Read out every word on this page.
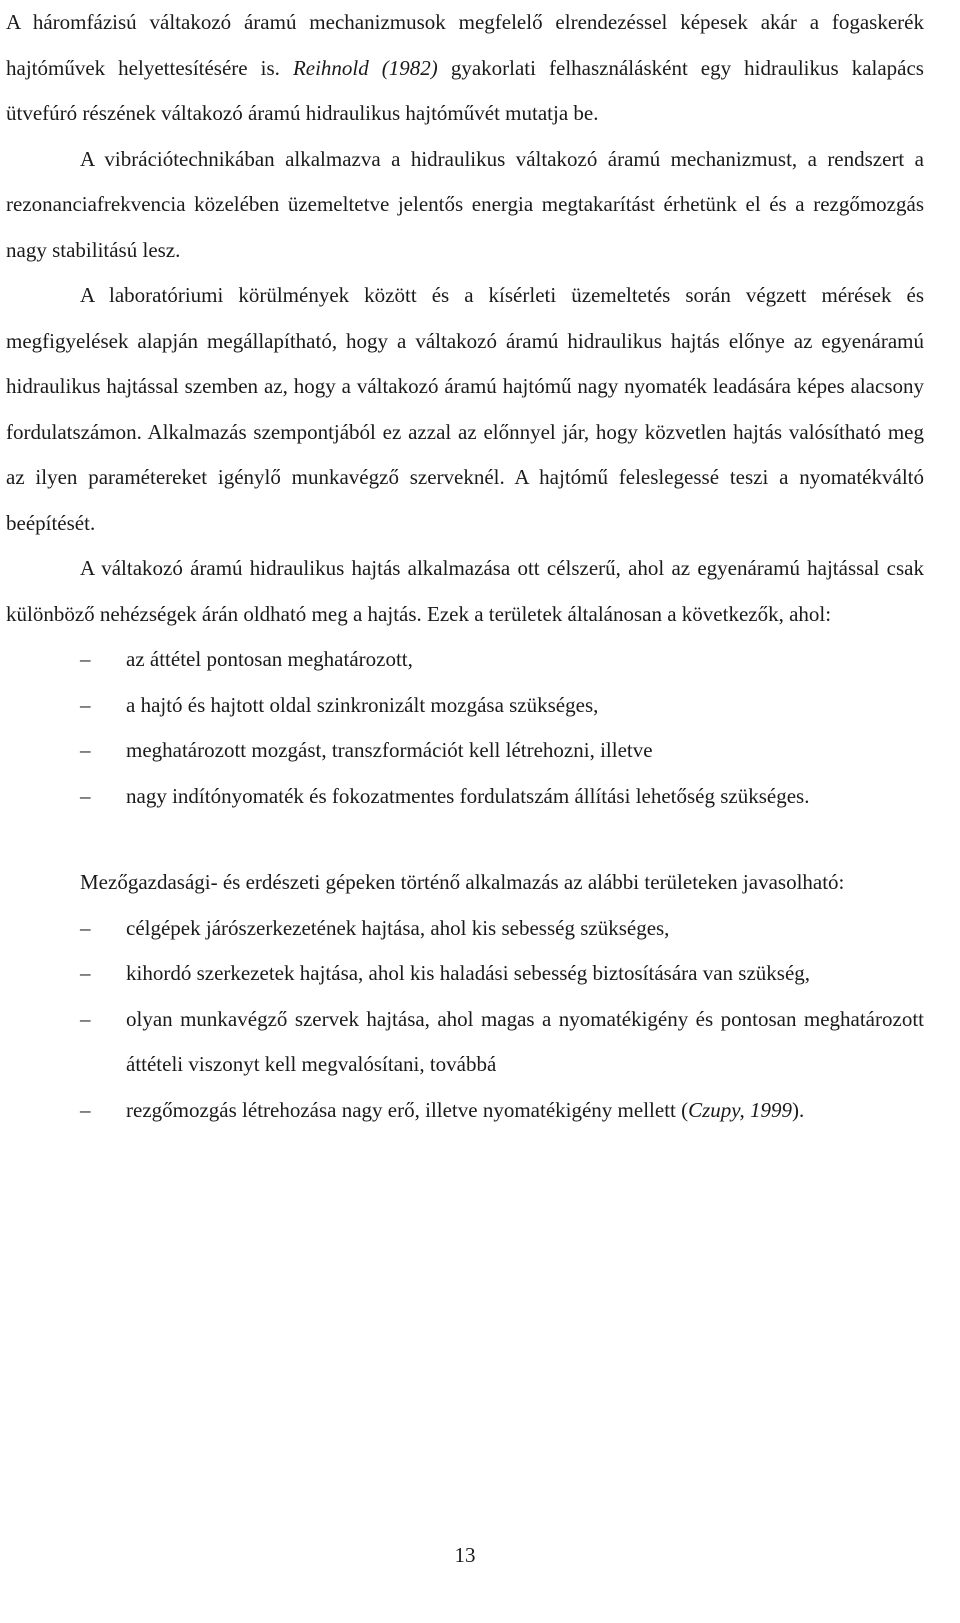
A háromfázisú váltakozó áramú mechanizmusok megfelelő elrendezéssel képesek akár a fogaskerék hajtóművek helyettesítésére is. Reihnold (1982) gyakorlati felhasználásként egy hidraulikus kalapács ütvefúró részének váltakozó áramú hidraulikus hajtóművét mutatja be.

A vibrációtechnikában alkalmazva a hidraulikus váltakozó áramú mechanizmust, a rendszert a rezonanciafrekvencia közelében üzemeltetve jelentős energia megtakarítást érhetünk el és a rezgőmozgás nagy stabilitású lesz.

A laboratóriumi körülmények között és a kísérleti üzemeltetés során végzett mérések és megfigyelések alapján megállapítható, hogy a váltakozó áramú hidraulikus hajtás előnye az egyenáramú hidraulikus hajtással szemben az, hogy a váltakozó áramú hajtómű nagy nyomaték leadására képes alacsony fordulatszámon. Alkalmazás szempontjából ez azzal az előnnyel jár, hogy közvetlen hajtás valósítható meg az ilyen paramétereket igénylő munkavégző szerveknél. A hajtómű feleslegessé teszi a nyomatékváltó beépítését.

A váltakozó áramú hidraulikus hajtás alkalmazása ott célszerű, ahol az egyenáramú hajtással csak különböző nehézségek árán oldható meg a hajtás. Ezek a területek általánosan a következők, ahol:

– az áttétel pontosan meghatározott,
– a hajtó és hajtott oldal szinkronizált mozgása szükséges,
– meghatározott mozgást, transzformációt kell létrehozni, illetve
– nagy indítónyomaték és fokozatmentes fordulatszám állítási lehetőség szükséges.

Mezőgazdasági- és erdészeti gépeken történő alkalmazás az alábbi területeken javasolható:

– célgépek járószerkezetének hajtása, ahol kis sebesség szükséges,
– kihordó szerkezetek hajtása, ahol kis haladási sebesség biztosítására van szükség,
– olyan munkavégző szervek hajtása, ahol magas a nyomatékigény és pontosan meghatározott áttételi viszonyt kell megvalósítani, továbbá
– rezgőmozgás létrehozása nagy erő, illetve nyomatékigény mellett (Czupy, 1999).
13
